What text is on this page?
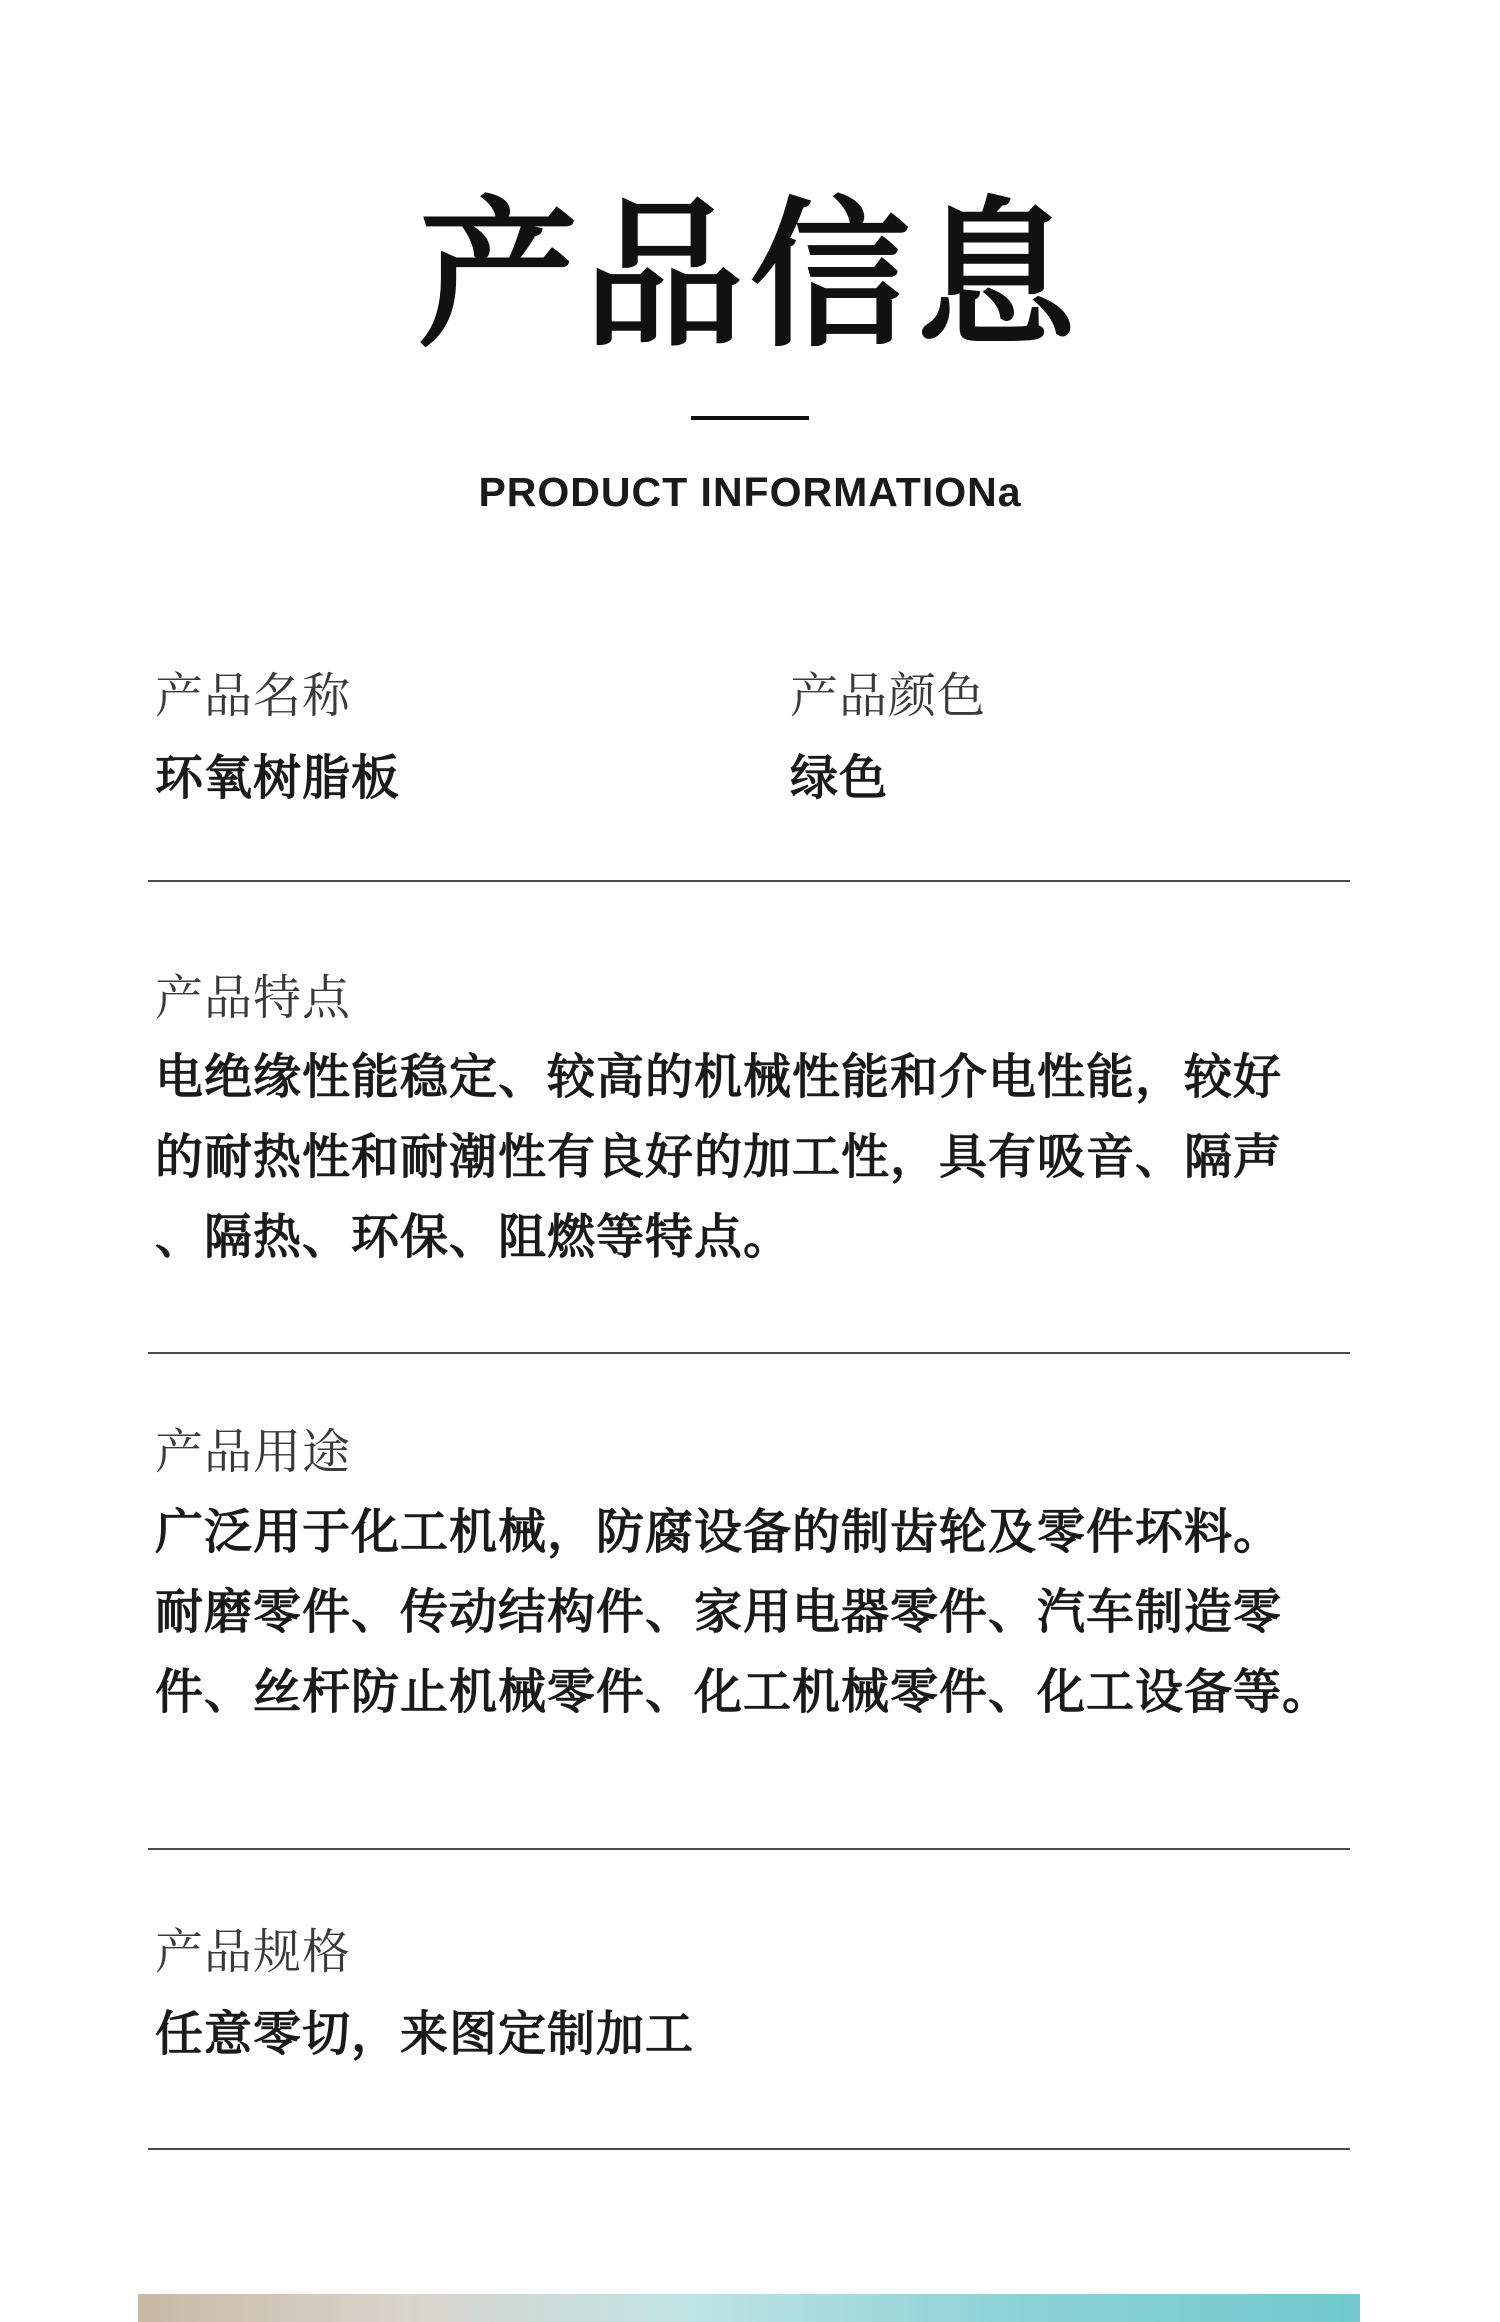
产品信息
PRODUCT INFORMATIONa
产品名称
环氧树脂板
产品颜色
绿色
产品特点
电绝缘性能稳定、较高的机械性能和介电性能，较好
的耐热性和耐潮性有良好的加工性，具有吸音、隔声
、隔热、环保、阻燃等特点。
产品用途
广泛用于化工机械，防腐设备的制齿轮及零件坏料。
耐磨零件、传动结构件、家用电器零件、汽车制造零
件、丝杆防止机械零件、化工机械零件、化工设备等。
产品规格
任意零切，来图定制加工
